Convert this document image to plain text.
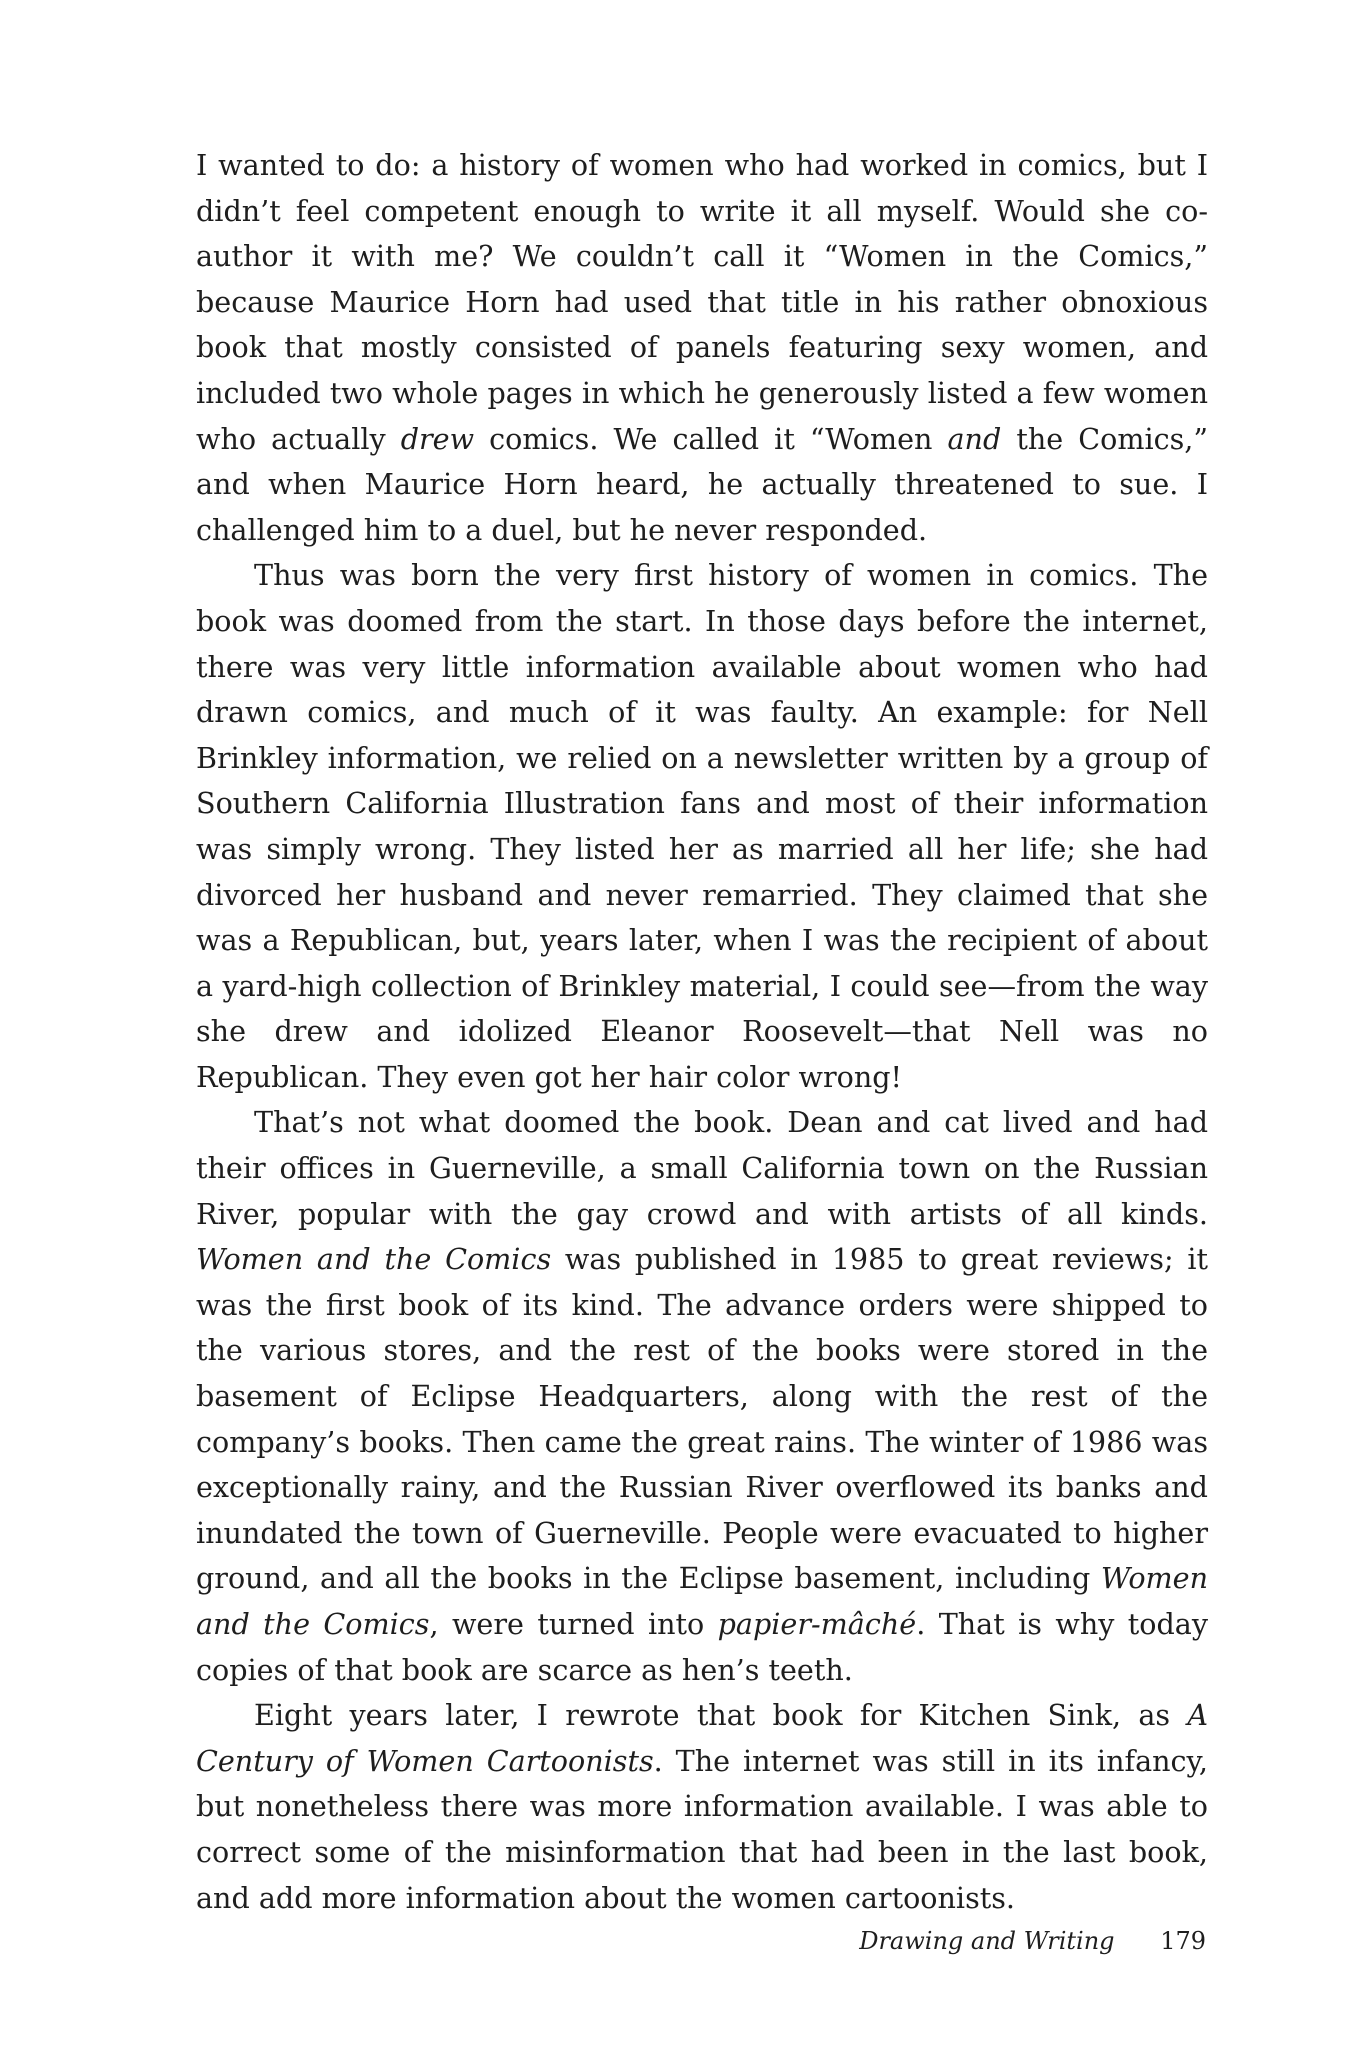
I wanted to do: a history of women who had worked in comics, but I didn’t feel competent enough to write it all myself. Would she co-author it with me? We couldn’t call it “Women in the Comics,” because Maurice Horn had used that title in his rather obnoxious book that mostly consisted of panels featuring sexy women, and included two whole pages in which he generously listed a few women who actually drew comics. We called it “Women and the Comics,” and when Maurice Horn heard, he actually threatened to sue. I challenged him to a duel, but he never responded.

Thus was born the very first history of women in comics. The book was doomed from the start. In those days before the internet, there was very little information available about women who had drawn comics, and much of it was faulty. An example: for Nell Brinkley information, we relied on a newsletter written by a group of Southern California Illustration fans and most of their information was simply wrong. They listed her as married all her life; she had divorced her husband and never remarried. They claimed that she was a Republican, but, years later, when I was the recipient of about a yard-high collection of Brinkley material, I could see—from the way she drew and idolized Eleanor Roosevelt—that Nell was no Republican. They even got her hair color wrong!

That’s not what doomed the book. Dean and cat lived and had their offices in Guerneville, a small California town on the Russian River, popular with the gay crowd and with artists of all kinds. Women and the Comics was published in 1985 to great reviews; it was the first book of its kind. The advance orders were shipped to the various stores, and the rest of the books were stored in the basement of Eclipse Headquarters, along with the rest of the company’s books. Then came the great rains. The winter of 1986 was exceptionally rainy, and the Russian River overflowed its banks and inundated the town of Guerneville. People were evacuated to higher ground, and all the books in the Eclipse basement, including Women and the Comics, were turned into papier-mâché. That is why today copies of that book are scarce as hen’s teeth.

Eight years later, I rewrote that book for Kitchen Sink, as A Century of Women Cartoonists. The internet was still in its infancy, but nonetheless there was more information available. I was able to correct some of the misinformation that had been in the last book, and add more information about the women cartoonists.

Drawing and Writing 179
